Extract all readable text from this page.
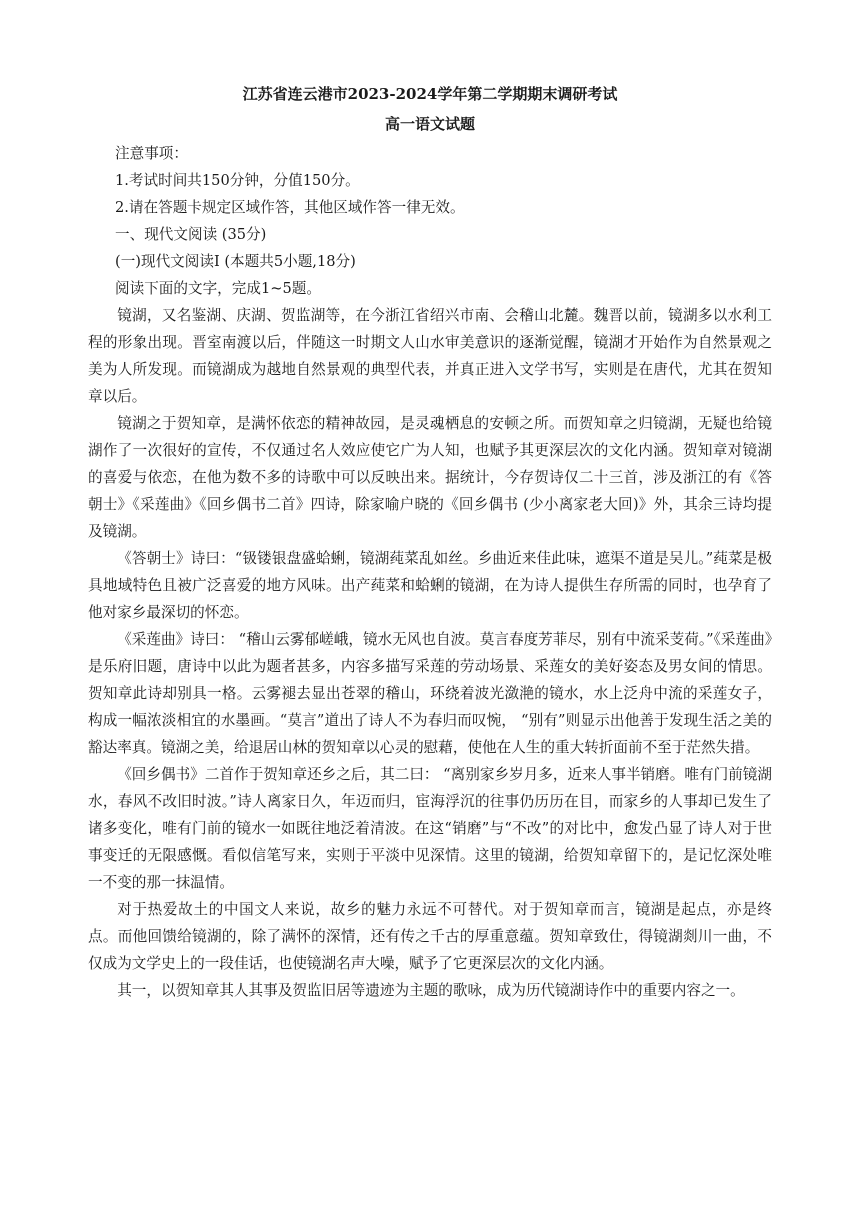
江苏省连云港市2023-2024学年第二学期期末调研考试
高一语文试题

注意事项：

1.考试时间共150分钟，分值150分。

2.请在答题卡规定区域作答，其他区域作答一律无效。

一、现代文阅读 (35分)

(一)现代文阅读Ⅰ (本题共5小题,18分)

阅读下面的文字，完成1~5题。

镜湖，又名鉴湖、庆湖、贺监湖等，在今浙江省绍兴市南、会稽山北麓。魏晋以前，镜湖多以水利工程的形象出现。晋室南渡以后，伴随这一时期文人山水审美意识的逐渐觉醒，镜湖才开始作为自然景观之美为人所发现。而镜湖成为越地自然景观的典型代表，并真正进入文学书写，实则是在唐代，尤其在贺知章以后。

镜湖之于贺知章，是满怀依恋的精神故园，是灵魂栖息的安顿之所。而贺知章之归镜湖，无疑也给镜湖作了一次很好的宣传，不仅通过名人效应使它广为人知，也赋予其更深层次的文化内涵。贺知章对镜湖的喜爱与依恋，在他为数不多的诗歌中可以反映出来。据统计，今存贺诗仅二十三首，涉及浙江的有《答朝士》《采莲曲》《回乡偶书二首》四诗，除家喻户晓的《回乡偶书 (少小离家老大回)》外，其余三诗均提及镜湖。

《答朝士》诗曰：“钑镂银盘盛蛤蜊，镜湖莼菜乱如丝。乡曲近来佳此味，遮渠不道是吴儿。”莼菜是极具地域特色且被广泛喜爱的地方风味。出产莼菜和蛤蜊的镜湖，在为诗人提供生存所需的同时，也孕育了他对家乡最深切的怀恋。

《采莲曲》诗曰： “稽山云雾郁嵯峨，镜水无风也自波。莫言春度芳菲尽，别有中流采芰荷。”《采莲曲》是乐府旧题，唐诗中以此为题者甚多，内容多描写采莲的劳动场景、采莲女的美好姿态及男女间的情思。贺知章此诗却别具一格。云雾褪去显出苍翠的稽山，环绕着波光潋滟的镜水，水上泛舟中流的采莲女子，构成一幅浓淡相宜的水墨画。“莫言”道出了诗人不为春归而叹惋， “别有”则显示出他善于发现生活之美的豁达率真。镜湖之美，给退居山林的贺知章以心灵的慰藉，使他在人生的重大转折面前不至于茫然失措。

《回乡偶书》二首作于贺知章还乡之后，其二曰： “离别家乡岁月多，近来人事半销磨。唯有门前镜湖水，春风不改旧时波。”诗人离家日久，年迈而归，宦海浮沉的往事仍历历在目，而家乡的人事却已发生了诸多变化，唯有门前的镜水一如既往地泛着清波。在这“销磨”与“不改”的对比中，愈发凸显了诗人对于世事变迁的无限感慨。看似信笔写来，实则于平淡中见深情。这里的镜湖，给贺知章留下的，是记忆深处唯一不变的那一抹温情。

对于热爱故土的中国文人来说，故乡的魅力永远不可替代。对于贺知章而言，镜湖是起点，亦是终点。而他回馈给镜湖的，除了满怀的深情，还有传之千古的厚重意蕴。贺知章致仕，得镜湖剡川一曲，不仅成为文学史上的一段佳话，也使镜湖名声大噪，赋予了它更深层次的文化内涵。

其一，以贺知章其人其事及贺监旧居等遗迹为主题的歌咏，成为历代镜湖诗作中的重要内容之一。
